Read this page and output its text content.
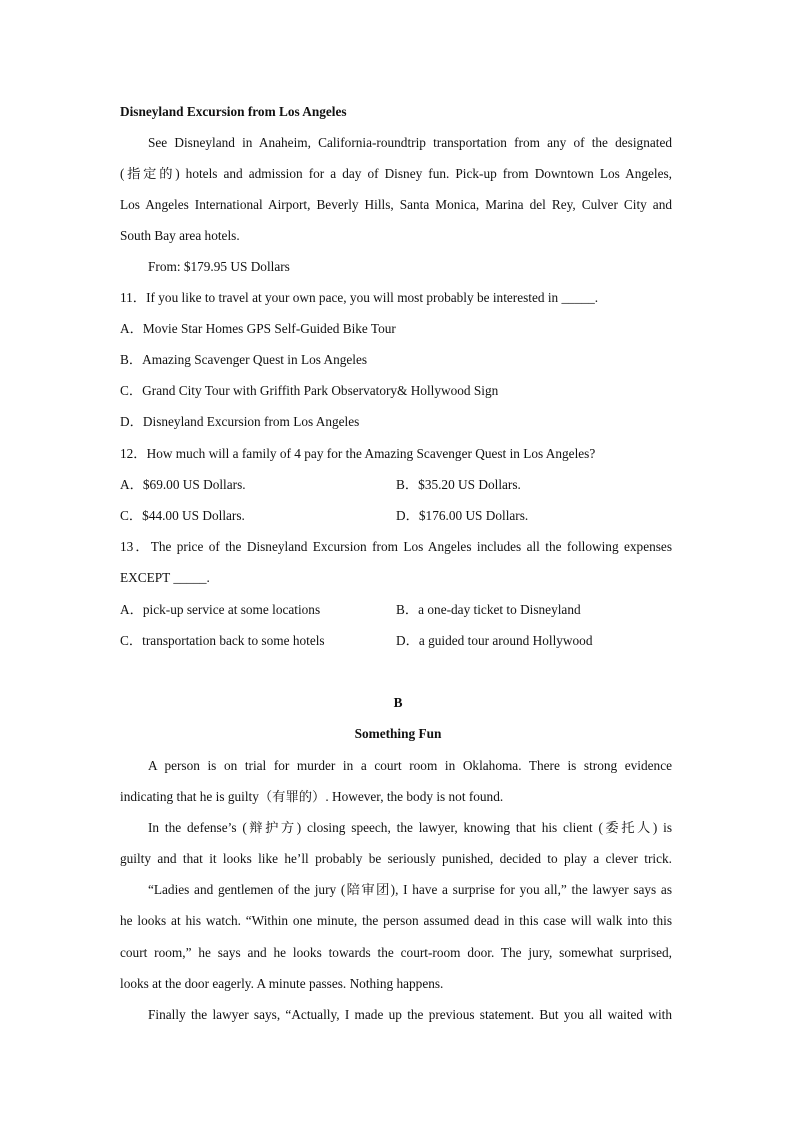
Disneyland Excursion from Los Angeles
See Disneyland in Anaheim, California-roundtrip transportation from any of the designated
(指定的) hotels and admission for a day of Disney fun. Pick-up from Downtown Los Angeles,
Los Angeles International Airport, Beverly Hills, Santa Monica, Marina del Rey, Culver City and
South Bay area hotels.
From: $179.95 US Dollars
11．If you like to travel at your own pace, you will most probably be interested in _____.
A．Movie Star Homes GPS Self-Guided Bike Tour
B．Amazing Scavenger Quest in Los Angeles
C．Grand City Tour with Griffith Park Observatory& Hollywood Sign
D．Disneyland Excursion from Los Angeles
12．How much will a family of 4 pay for the Amazing Scavenger Quest in Los Angeles?
A．$69.00 US Dollars.	B．$35.20 US Dollars.
C．$44.00 US Dollars.	D．$176.00 US Dollars.
13．The price of the Disneyland Excursion from Los Angeles includes all the following expenses
EXCEPT _____.
A．pick-up service at some locations	B．a one-day ticket to Disneyland
C．transportation back to some hotels	D．a guided tour around Hollywood
B
Something Fun
A person is on trial for murder in a court room in Oklahoma. There is strong evidence
indicating that he is guilty（有罪的）. However, the body is not found.
In the defense’s (辩护方) closing speech, the lawyer, knowing that his client (委托人) is
guilty and that it looks like he’ll probably be seriously punished, decided to play a clever trick.
“Ladies and gentlemen of the jury (陪审团), I have a surprise for you all,” the lawyer says as
he looks at his watch. “Within one minute, the person assumed dead in this case will walk into this
court room,” he says and he looks towards the court-room door. The jury, somewhat surprised,
looks at the door eagerly. A minute passes. Nothing happens.
Finally the lawyer says, “Actually, I made up the previous statement. But you all waited with
